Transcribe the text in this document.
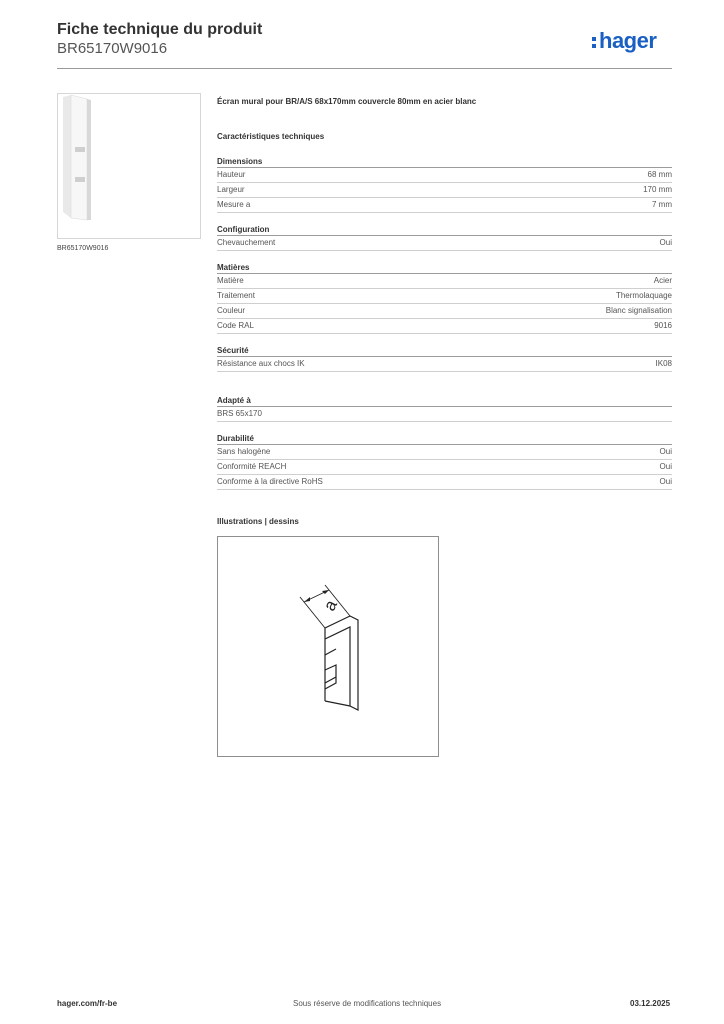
Fiche technique du produit
BR65170W9016	hager
BR65170W9016
Écran mural pour BR/A/S 68x170mm couvercle 80mm en acier blanc
Caractéristiques techniques
Dimensions
Hauteur	68 mm
Largeur	170 mm
Mesure a	7 mm
Configuration
Chevauchement	Oui
Matières
Matière	Acier
Traitement	Thermolaquage
Couleur	Blanc signalisation
Code RAL	9016
Sécurité
Résistance aux chocs IK	IK08
Adapté à
BRS 65x170
Durabilité
Sans halogène	Oui
Conformité REACH	Oui
Conforme à la directive RoHS	Oui
Illustrations | dessins
a
hager.com/fr-be	Sous réserve de modifications techniques	03.12.2025
